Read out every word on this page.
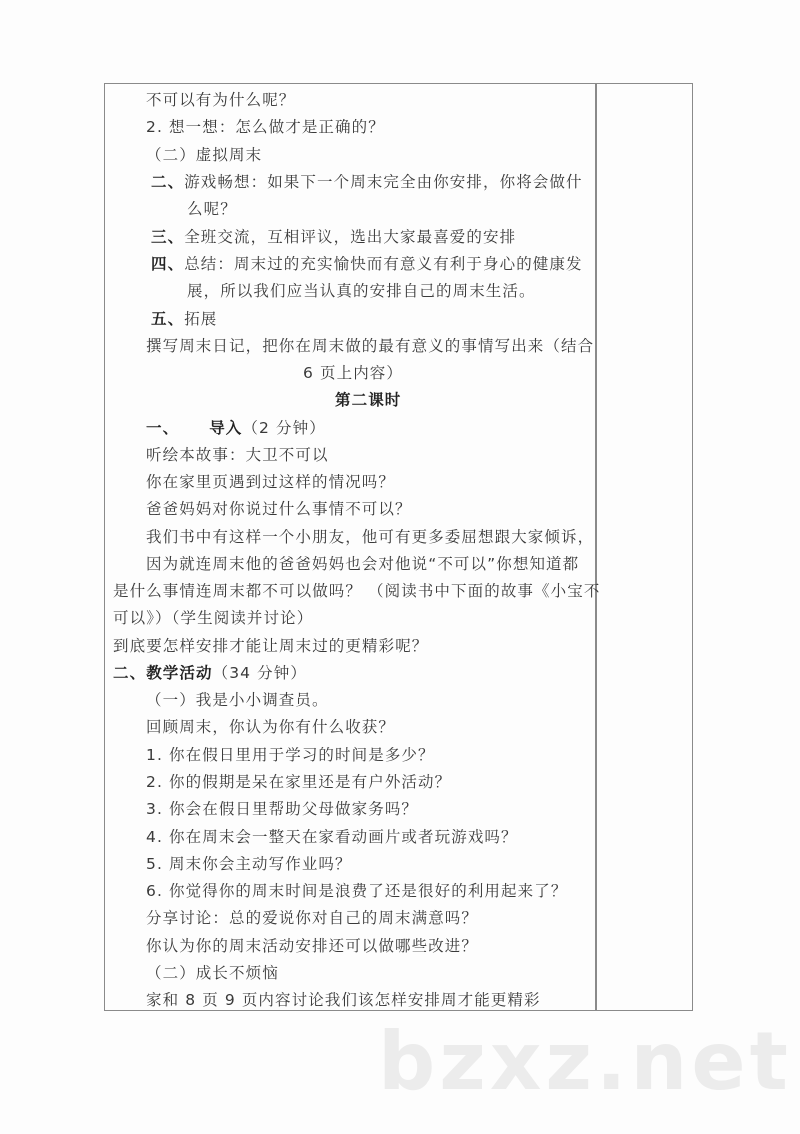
不可以有为什么呢？
2. 想一想：怎么做才是正确的？
（二）虚拟周末
二、游戏畅想：如果下一个周末完全由你安排，你将会做什
么呢？
三、全班交流，互相评议，选出大家最喜爱的安排
四、总结：周末过的充实愉快而有意义有利于身心的健康发
展，所以我们应当认真的安排自己的周末生活。
五、拓展
撰写周末日记，把你在周末做的最有意义的事情写出来（结合
6 页上内容）
第二课时
一、 导入（2 分钟）
听绘本故事：大卫不可以
你在家里页遇到过这样的情况吗？
爸爸妈妈对你说过什么事情不可以？
我们书中有这样一个小朋友，他可有更多委屈想跟大家倾诉，
因为就连周末他的爸爸妈妈也会对他说“不可以”你想知道都
是什么事情连周末都不可以做吗？ （阅读书中下面的故事《小宝不
可以》）（学生阅读并讨论）
到底要怎样安排才能让周末过的更精彩呢？
二、教学活动（34 分钟）
（一）我是小小调查员。
回顾周末，你认为你有什么收获？
1. 你在假日里用于学习的时间是多少？
2. 你的假期是呆在家里还是有户外活动？
3. 你会在假日里帮助父母做家务吗？
4. 你在周末会一整天在家看动画片或者玩游戏吗？
5. 周末你会主动写作业吗？
6. 你觉得你的周末时间是浪费了还是很好的利用起来了？
分享讨论：总的爱说你对自己的周末满意吗？
你认为你的周末活动安排还可以做哪些改进？
（二）成长不烦恼
家和 8 页 9 页内容讨论我们该怎样安排周才能更精彩
bzxz.net
